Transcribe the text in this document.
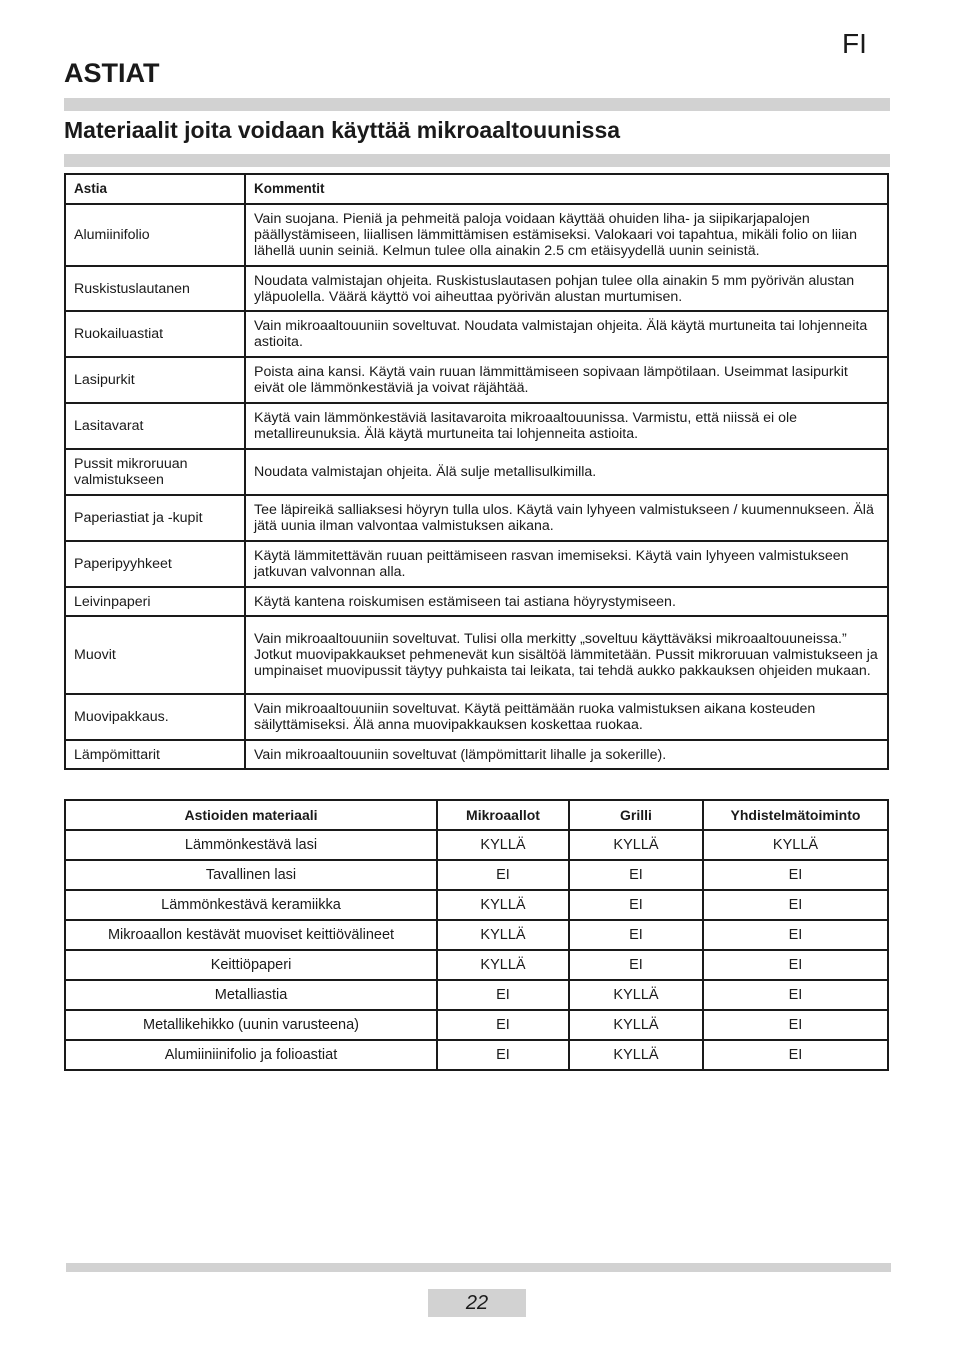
FI
ASTIAT
Materiaalit joita voidaan käyttää mikroaaltouunissa
Astia	Kommentit
Alumiinifolio	Vain suojana. Pieniä ja pehmeitä paloja voidaan käyttää ohuiden liha- ja siipikarjapalojen päällystämiseen, liiallisen lämmittämisen estämiseksi. Valokaari voi tapahtua, mikäli folio on liian lähellä uunin seiniä. Kelmun tulee olla ainakin 2.5 cm etäisyydellä uunin seinistä.
Ruskistuslautanen	Noudata valmistajan ohjeita. Ruskistuslautasen pohjan tulee olla ainakin 5 mm pyörivän alustan yläpuolella. Väärä käyttö voi aiheuttaa pyörivän alustan murtumisen.
Ruokailuastiat	Vain mikroaaltouuniin soveltuvat. Noudata valmistajan ohjeita. Älä käytä murtuneita tai lohjenneita astioita.
Lasipurkit	Poista aina kansi. Käytä vain ruuan lämmittämiseen sopivaan lämpötilaan. Useimmat lasipurkit eivät ole lämmönkestäviä ja voivat räjähtää.
Lasitavarat	Käytä vain lämmönkestäviä lasitavaroita mikroaaltouunissa. Varmistu, että niissä ei ole metallireunuksia. Älä käytä murtuneita tai lohjenneita astioita.
Pussit mikroruuan valmistukseen	Noudata valmistajan ohjeita. Älä sulje metallisulkimilla.
Paperiastiat ja -kupit	Tee läpireikä salliaksesi höyryn tulla ulos. Käytä vain lyhyeen valmistukseen / kuumennukseen. Älä jätä uunia ilman valvontaa valmistuksen aikana.
Paperipyyhkeet	Käytä lämmitettävän ruuan peittämiseen rasvan imemiseksi. Käytä vain lyhyeen valmistukseen jatkuvan valvonnan alla.
Leivinpaperi	Käytä kantena roiskumisen estämiseen tai astiana höyrystymiseen.
Muovit	Vain mikroaaltouuniin soveltuvat. Tulisi olla merkitty „soveltuu käyttäväksi mikroaaltouuneissa.” Jotkut muovipakkaukset pehmenevät kun sisältöä lämmitetään. Pussit mikroruuan valmistukseen ja umpinaiset muovipussit täytyy puhkaista tai leikata, tai tehdä aukko pakkauksen ohjeiden mukaan.
Muovipakkaus.	Vain mikroaaltouuniin soveltuvat. Käytä peittämään ruoka valmistuksen aikana kosteuden säilyttämiseksi. Älä anna muovipakkauksen koskettaa ruokaa.
Lämpömittarit	Vain mikroaaltouuniin soveltuvat (lämpömittarit lihalle ja sokerille).
Astioiden materiaali	Mikroaallot	Grilli	Yhdistelmätoiminto
Lämmönkestävä lasi	KYLLÄ	KYLLÄ	KYLLÄ
Tavallinen lasi	EI	EI	EI
Lämmönkestävä keramiikka	KYLLÄ	EI	EI
Mikroaallon kestävät muoviset keittiövälineet	KYLLÄ	EI	EI
Keittiöpaperi	KYLLÄ	EI	EI
Metalliastia	EI	KYLLÄ	EI
Metallikehikko (uunin varusteena)	EI	KYLLÄ	EI
Alumiiniinifolio ja folioastiat	EI	KYLLÄ	EI
22
